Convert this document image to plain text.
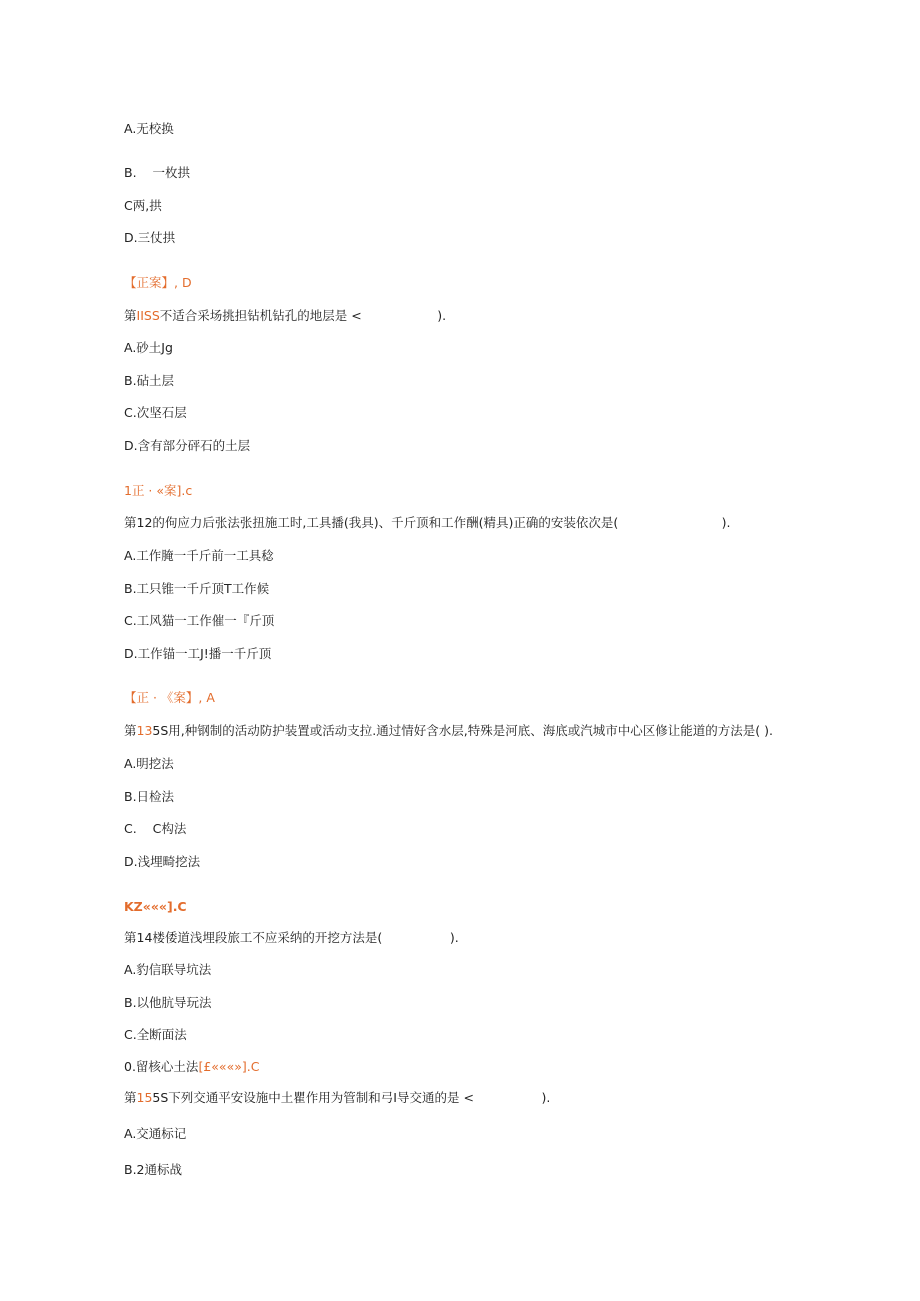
A.无校换
B.    一枚拱
C两,拱
D.三仗拱
【正案】, D
第IISS不适合采场挑担钻机钻孔的地层是 <                   ).
A.砂土Jg
B.砧土层
C.次坚石层
D.含有部分砰石的土层
1正 · «案].c
第12的佝应力后张法张扭施工时,工具播(我具)、千斤顶和工作酬(精具)正确的安装依次是(                          ).
A.工作腌一千斤前一工具稔
B.工只锥一千斤顶T工作候
C.工风猫一工作催一『斤顶
D.工作锚一工J!播一千斤顶
【正 · 《案】, A
第135S用,种钢制的活动防护装置或活动支拉.通过情好含水层,特殊是河底、海底或汽城市中心区修让能道的方法是( ).
A.明挖法
B.日检法
C.    C构法
D.浅埋畸挖法
KZ«««].C
第14楼倭道浅埋段旅工不应采纳的开挖方法是(                 ).
A.豹信联导坑法
B.以他肮导玩法
C.全断面法
0.留核心土法[£«««»].C
第155S下列交通平安设施中土瞿作用为管制和弓I导交通的是 <                 ).
A.交通标记
B.2通标战
